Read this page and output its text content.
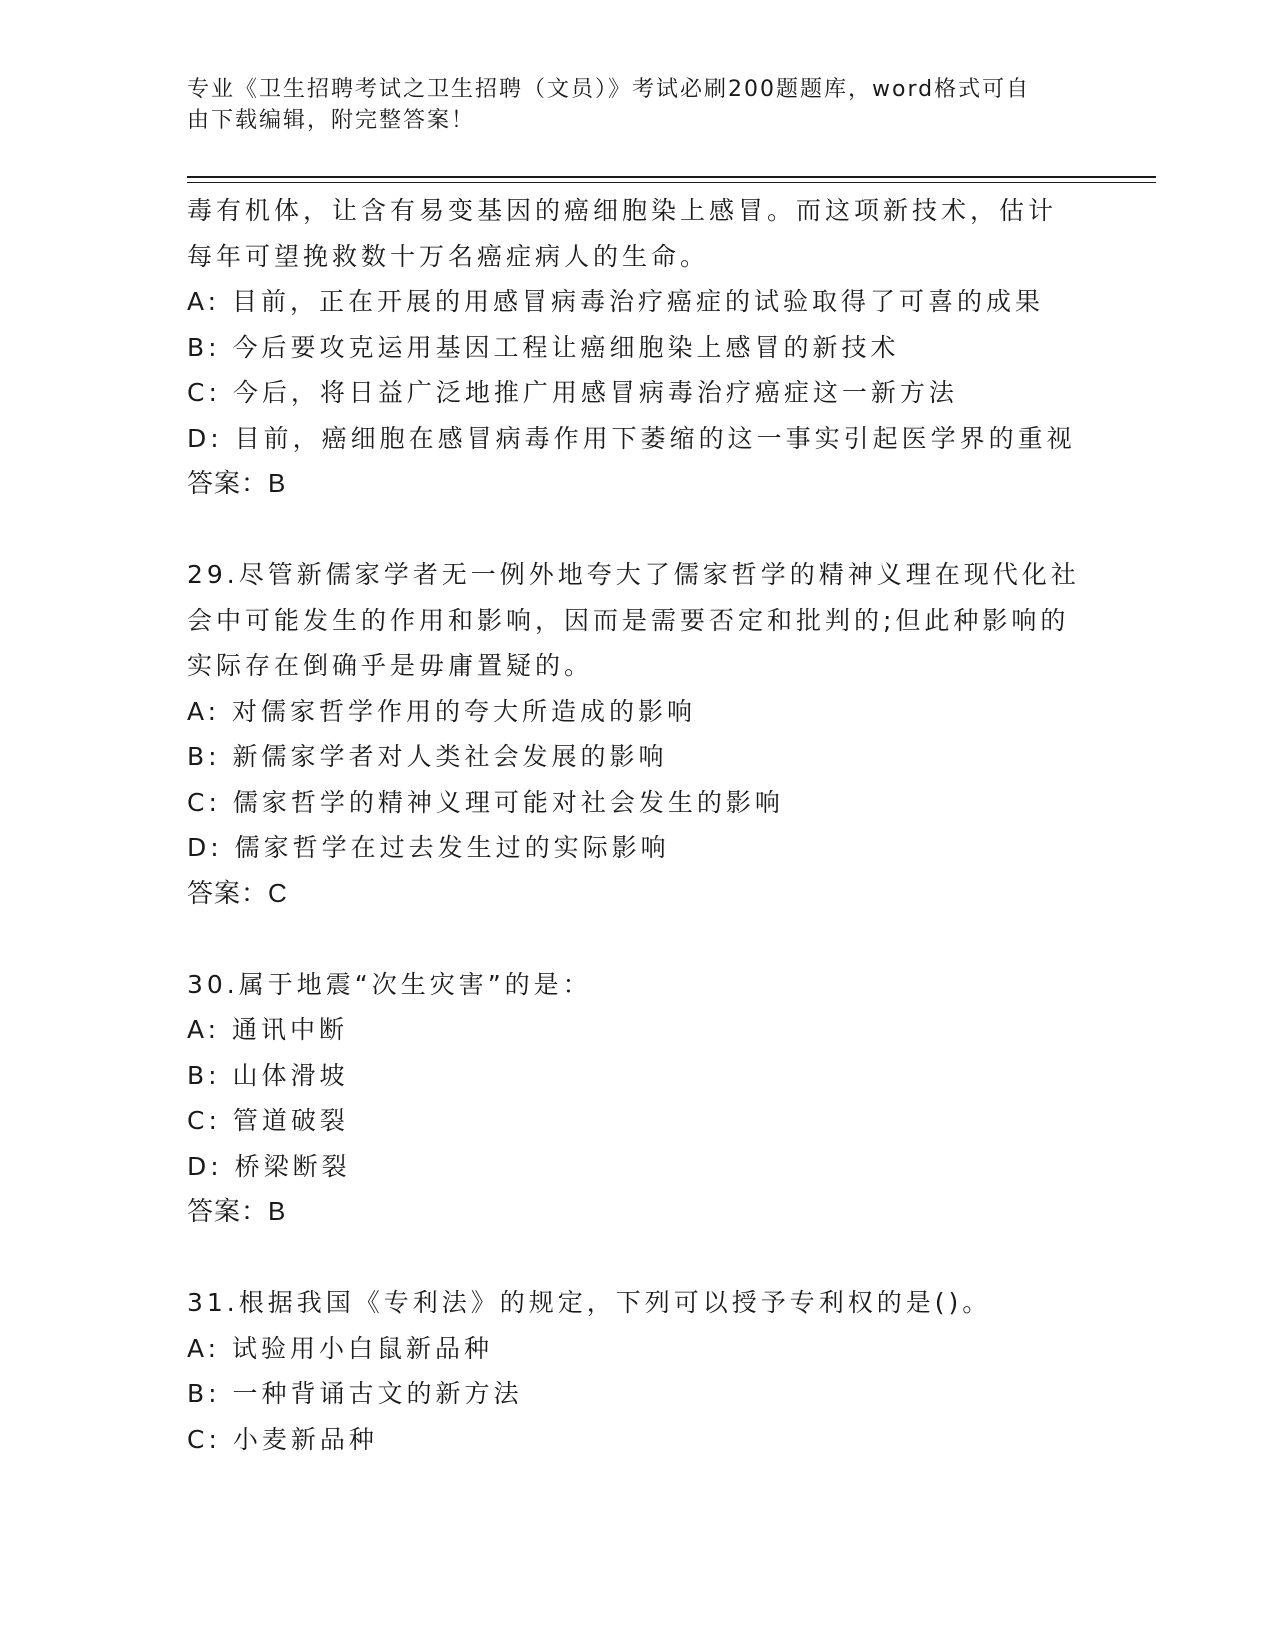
专业《卫生招聘考试之卫生招聘（文员）》考试必刷200题题库，word格式可自
由下载编辑，附完整答案！
毒有机体，让含有易变基因的癌细胞染上感冒。而这项新技术，估计
每年可望挽救数十万名癌症病人的生命。
A: 目前，正在开展的用感冒病毒治疗癌症的试验取得了可喜的成果
B: 今后要攻克运用基因工程让癌细胞染上感冒的新技术
C: 今后，将日益广泛地推广用感冒病毒治疗癌症这一新方法
D: 目前，癌细胞在感冒病毒作用下萎缩的这一事实引起医学界的重视
答案：B
29.尽管新儒家学者无一例外地夸大了儒家哲学的精神义理在现代化社
会中可能发生的作用和影响，因而是需要否定和批判的;但此种影响的
实际存在倒确乎是毋庸置疑的。
A: 对儒家哲学作用的夸大所造成的影响
B: 新儒家学者对人类社会发展的影响
C: 儒家哲学的精神义理可能对社会发生的影响
D: 儒家哲学在过去发生过的实际影响
答案：C
30.属于地震“次生灾害”的是：
A: 通讯中断
B: 山体滑坡
C: 管道破裂
D: 桥梁断裂
答案：B
31.根据我国《专利法》的规定，下列可以授予专利权的是()。
A: 试验用小白鼠新品种
B: 一种背诵古文的新方法
C: 小麦新品种
